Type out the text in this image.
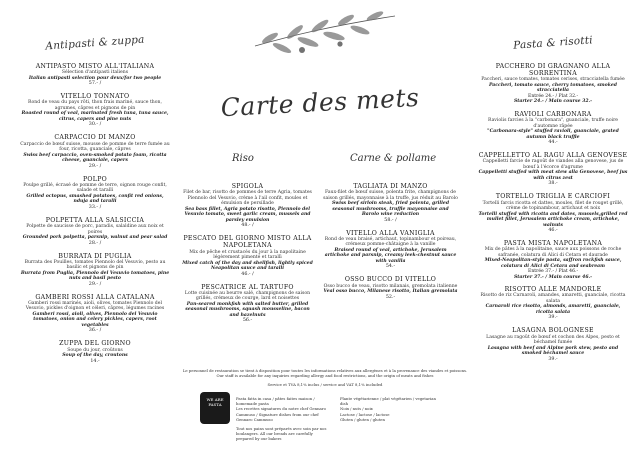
Carte des mets
Antipasti & zuppa
ANTIPASTO MISTO ALL'ITALIANA
Sélection d'antipasti italiens
Italian antipasti selection pour deux/for two people
57.- /
VITELLO TONNATO
Rond de veau du pays rôti, thon frais mariné, sauce thon, agrumes, câpres et pignons de pin
Roasted round of veal, marinated fresh tuna, tuna sauce, citrus, capers and pine nuts
30.- /
CARPACCIO DI MANZO
Carpaccio de bœuf suisse, mousse de pomme de terre fumée au four, ricotta, guanciale, câpres
Swiss beef carpaccio, oven-smoked potato foam, ricotta cheese, guanciale, capers
29.- /
POLPO
Poulpe grillé, écrasé de pomme de terre, oignon rouge confit, salade et tarallì
Grilled octopus, smashed potatoes, confit red onions, nduja and taralli
33.- /
POLPETTA ALLA SALSICCIA
Polpette de saucisse de porc, paradis, salaldine aux noix et poires
Grounded pork polpetta, parsnip, walnut and pear salad
28.- /
BURRATA DI PUGLIA
Burrata des Pouilles, tomates Piennolo del Vesuvio, pesto au basilic et pignons de pin
Burrata from Puglia, Piennolo del Vesuvio tomatoes, pine nuts and basil pesto
29.- /
GAMBERI ROSSI ALLA CATALANA
Gamberi rossi marinés, aioli, olives, tomates Piennolo del Vesuvio, pickles d'oignon et céleri, câpres, légumes racines
Gamberi rossi, aioli, olives, Piennolo del Vesuvio tomatoes, onion and celery pickles, capers, root vegetables
36.- /
ZUPPA DEL GIORNO
Soupe du jour, croûtons
Soup of the day, croutons
14.-
Riso	Carne & pollame
SPIGOLA
Filet de bar, risotto de pommes de terre Agria, tomates Piennolo del Vesuvio, crème à l'ail confit, moules et émulsion de persillade
Sea bass fillet, Agria potato risotto, Piennolo del Vesuvio tomato, sweet garlic cream, mussels and parsley emulsion
48.- /
PESCATO DEL GIORNO MISTO ALLA NAPOLETANA
Mix de pêche et crustacés du jour à la napolitaine légèrement pimenté et tarallì
Mixed catch of the day and shellfish, lightly spiced Neapolitan sauce and taralli
46.- /
PESCATRICE AL TARTUFO
Lotte cuisinée au beurre salé, champignons de saison grillés, crémeux de courge, lard et noisettes
Pan-seared monkfish with salted butter, grilled seasonal mushrooms, squash mousseline, bacon and hazelnuts
56.-
TAGLIATA DI MANZO
Faux-filet de bœuf suisse, polenta frite, champignons de saison grillés, mayonnaise à la truffe, jus réduit au Barolo
Swiss beef sirloin steak, fried polenta, grilled seasonal mushrooms, truffle mayonnaise and Barolo wine reduction
58.- /
VITELLO ALLA VANIGLIA
Rond de veau braisé, artichaut, topinambour et poireau, crémeux pomme-châtaigne à la vanille
Braised round of veal, artichoke, Jerusalem artichoke and parsnip, creamy leek-chestnut sauce with vanilla
54.-
OSSO BUCCO DI VITELLO
Osso bucco de veau, risotto milanais, gremolata italienne
Veal osso bucco, Milanese risotto, Italian gremolata
52.-
Pasta & risotti
PACCHERO DI GRAGNANO ALLA SORRENTINA
Paccheri, sauce tomates, tomates cerises, stracciatella fumée
Paccheri, tomato sauce, cherry tomatoes, smoked stracciatella
Entrée 24.- / Plat 32.-
Starter 24.- / Main course 32.-
RAVIOLI CARBONARA
Raviolis farcies à la "carbonara", guanciale, truffe noire d'automne râpée
"Carbonara-style" stuffed ravioli, guanciale, grated autumn black truffle
44.-
CAPPELLETTO AL RAGU ALLA GENOVESE
Cappelletti farcie de ragoût de viandes alla genovese, jus de bœuf à l'écorce d'agrume
Cappelletti stuffed with meat stew alla Genovese, beef jus with citrus zest
38.-
TORTELLO TRIGLIA E CARCIOFI
Tortelli farcis ricotta et dattes, moules, filet de rouget grillé, crème de topinambour, artichaut et noix
Tortelli stuffed with ricotta and dates, mussels,grilled red mullet fillet, Jerusalem artichoke cream, artichoke, walnuts
46.-
PASTA MISTA NAPOLETANA
Mix de pâtes à la napolitaine, sauce aux poissons de roche safranée, colatura di Alici di Cetara et daurade
Mixed-Neapolitan-style pasta, saffron rockfish sauce, colatura di Alici di Cetara and seabream
Entrée 37.- / Plat 46.-
Starter 37.- / Main course 46.-
RISOTTO ALLE MANDORLE
Risotto de riz Carnaroli, amandes, amaretti, guanciale, ricotta salata
Carnaroli rice risotto, almonds, amaretti, guanciale, ricotta salata
39.-
LASAGNA BOLOGNESE
Lasagne au ragoût de bœuf et cochon des Alpes, pesto et béchamel fumée
Lasagna with beef and Alpine pork stew, pesto and smoked béchamel sauce
39.-
Le personnel de restauration se tient à disposition pour toutes les informations relatives aux allergènes et à la provenance des viandes et poissons. Our staff is available for any inquiries regarding allergy and food restrictions, and the origin of meats and fishes
Service et TVA 8,1% inclus / service and VAT 8,1% included
WE ARE PASTA
Pasta fatta in casa / pâtes faites maison / homemade pasta
Les recettes signatures du notre chef Gennaro Cammuso / Signature dishes from our chef Gennaro Cammuso
Tout nos pains sont préparés avec soin par nos boulangers. All our breads are carefully prepared by our bakers
Plante végétarienne / plat végétarien / vegetarian dish
Noix / nuts / noix
Lactose / lactose / lactose
Gluten / gluten / gluten
